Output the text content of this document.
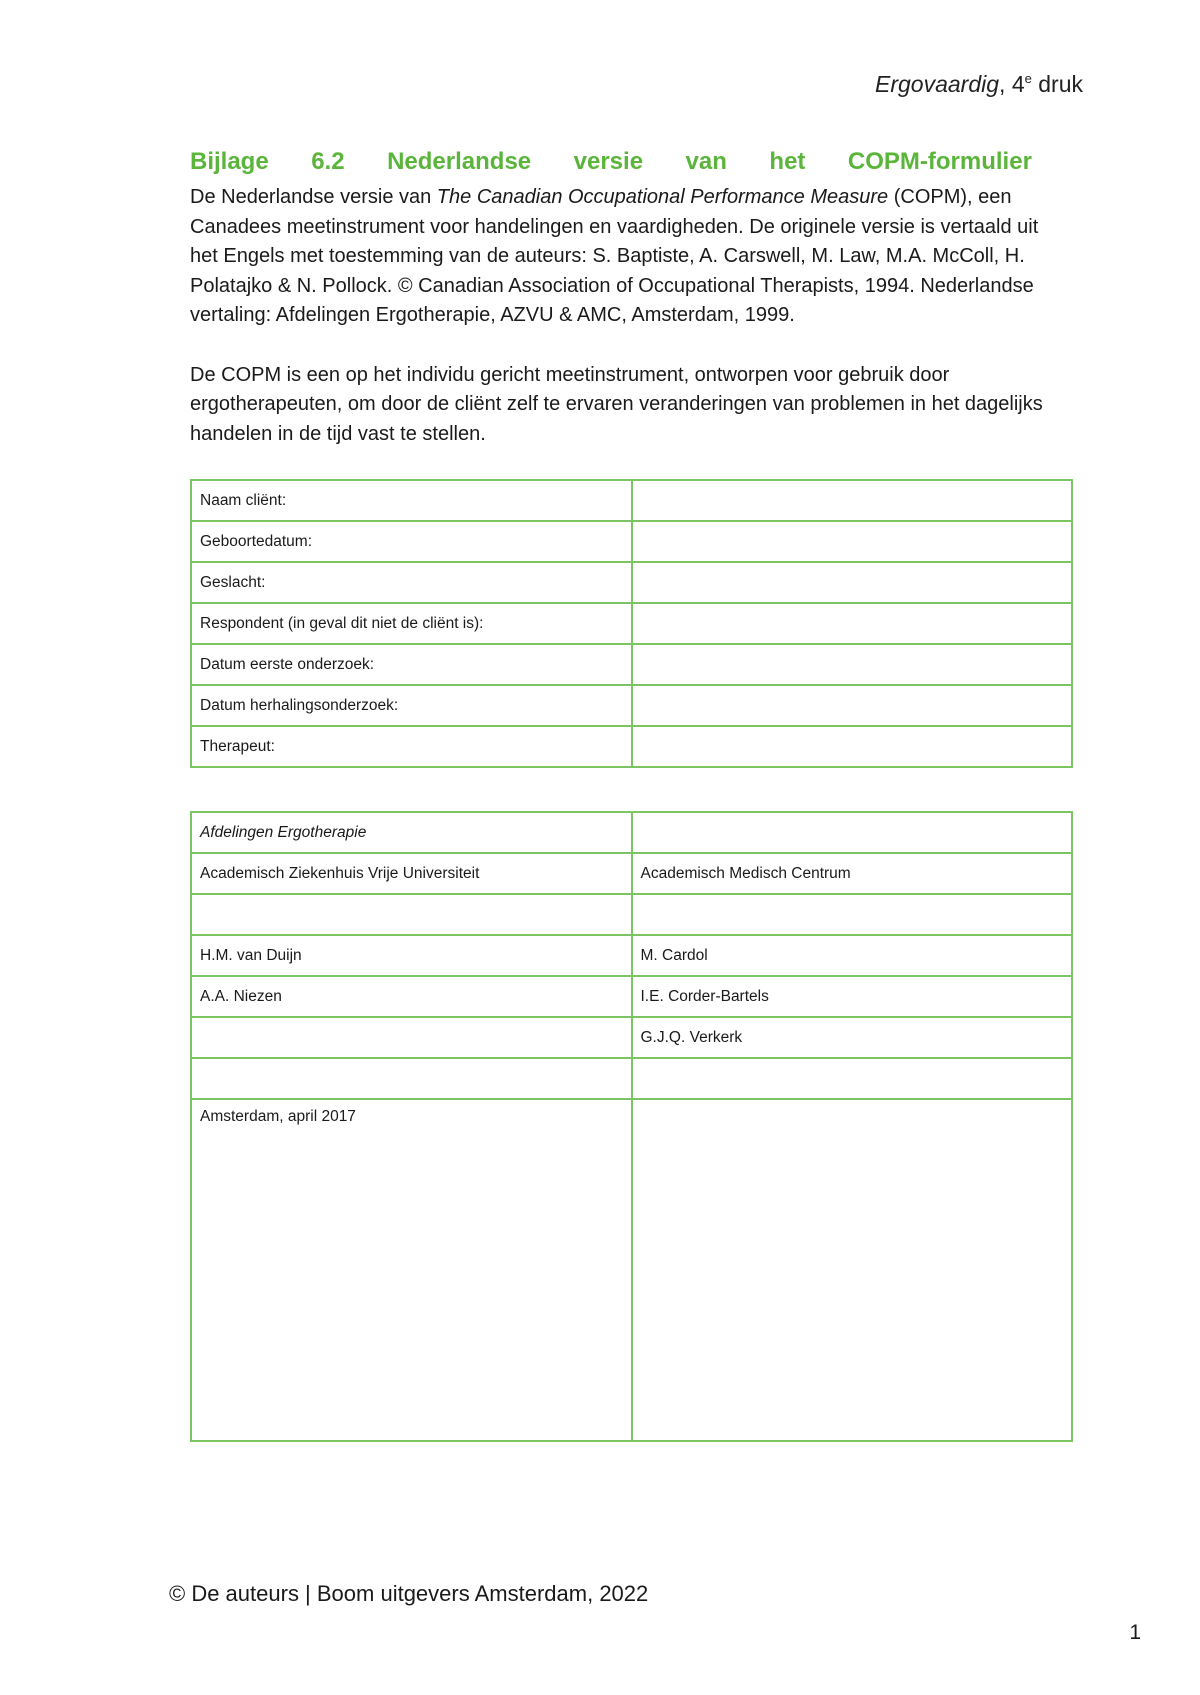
Ergovaardig, 4e druk
Bijlage 6.2 Nederlandse versie van het COPM-formulier

De Nederlandse versie van The Canadian Occupational Performance Measure (COPM), een Canadees meetinstrument voor handelingen en vaardigheden. De originele versie is vertaald uit het Engels met toestemming van de auteurs: S. Baptiste, A. Carswell, M. Law, M.A. McColl, H. Polatajko & N. Pollock. © Canadian Association of Occupational Therapists, 1994. Nederlandse vertaling: Afdelingen Ergotherapie, AZVU & AMC, Amsterdam, 1999.

De COPM is een op het individu gericht meetinstrument, ontworpen voor gebruik door ergotherapeuten, om door de cliënt zelf te ervaren veranderingen van problemen in het dagelijks handelen in de tijd vast te stellen.

Naam cliënt:	
Geboortedatum:	
Geslacht:	
Respondent (in geval dit niet de cliënt is):	
Datum eerste onderzoek:	
Datum herhalingsonderzoek:	
Therapeut:	
Afdelingen Ergotherapie	
Academisch Ziekenhuis Vrije Universiteit	Academisch Medisch Centrum

H.M. van Duijn	M. Cardol
A.A. Niezen	I.E. Corder-Bartels
	G.J.Q. Verkerk

Amsterdam, april 2017	
© De auteurs | Boom uitgevers Amsterdam, 2022
1
